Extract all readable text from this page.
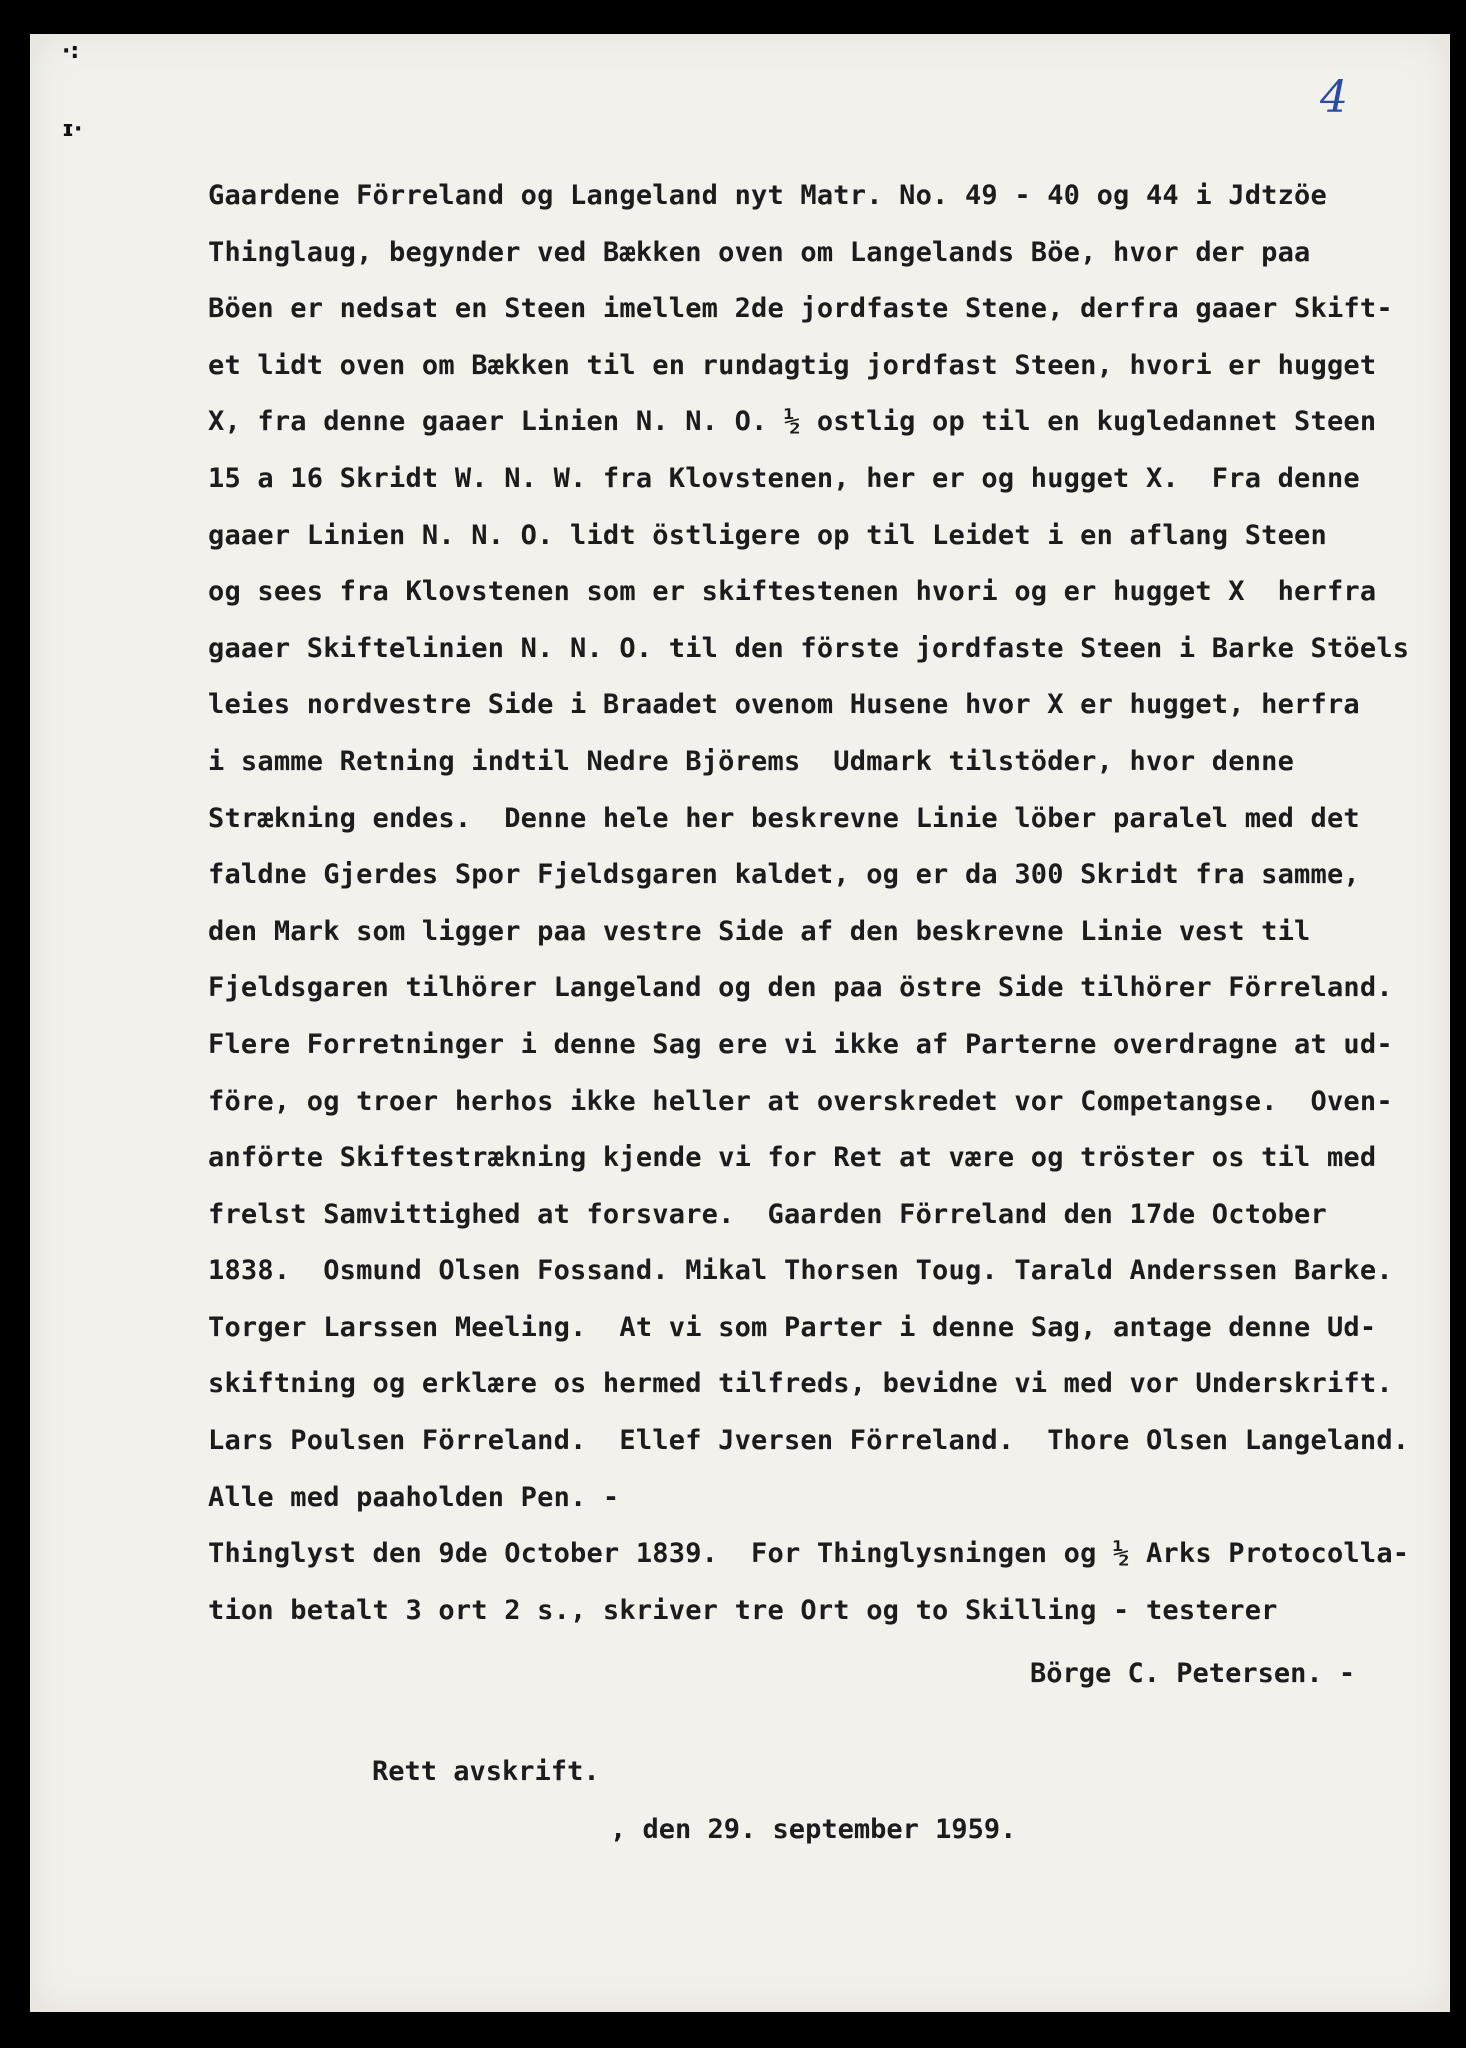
·:
ɪ·
4
Gaardene Förreland og Langeland nyt Matr. No. 49 - 40 og 44 i Jdtzöe
Thinglaug, begynder ved Bækken oven om Langelands Böe, hvor der paa
Böen er nedsat en Steen imellem 2de jordfaste Stene, derfra gaaer Skift-
et lidt oven om Bækken til en rundagtig jordfast Steen, hvori er hugget
X, fra denne gaaer Linien N. N. O. ½ ostlig op til en kugledannet Steen
15 a 16 Skridt W. N. W. fra Klovstenen, her er og hugget X.  Fra denne
gaaer Linien N. N. O. lidt östligere op til Leidet i en aflang Steen
og sees fra Klovstenen som er skiftestenen hvori og er hugget X  herfra
gaaer Skiftelinien N. N. O. til den förste jordfaste Steen i Barke Stöels
leies nordvestre Side i Braadet ovenom Husene hvor X er hugget, herfra
i samme Retning indtil Nedre Björems  Udmark tilstöder, hvor denne
Strækning endes.  Denne hele her beskrevne Linie löber paralel med det
faldne Gjerdes Spor Fjeldsgaren kaldet, og er da 300 Skridt fra samme,
den Mark som ligger paa vestre Side af den beskrevne Linie vest til
Fjeldsgaren tilhörer Langeland og den paa östre Side tilhörer Förreland.
Flere Forretninger i denne Sag ere vi ikke af Parterne overdragne at ud-
före, og troer herhos ikke heller at overskredet vor Competangse.  Oven-
anförte Skiftestrækning kjende vi for Ret at være og tröster os til med
frelst Samvittighed at forsvare.  Gaarden Förreland den 17de October
1838.  Osmund Olsen Fossand. Mikal Thorsen Toug. Tarald Anderssen Barke.
Torger Larssen Meeling.  At vi som Parter i denne Sag, antage denne Ud-
skiftning og erklære os hermed tilfreds, bevidne vi med vor Underskrift.
Lars Poulsen Förreland.  Ellef Jversen Förreland.  Thore Olsen Langeland.
Alle med paaholden Pen. -
Thinglyst den 9de October 1839.  For Thinglysningen og ½ Arks Protocolla-
tion betalt 3 ort 2 s., skriver tre Ort og to Skilling - testerer
Börge C. Petersen. -
Rett avskrift.
, den 29. september 1959.
